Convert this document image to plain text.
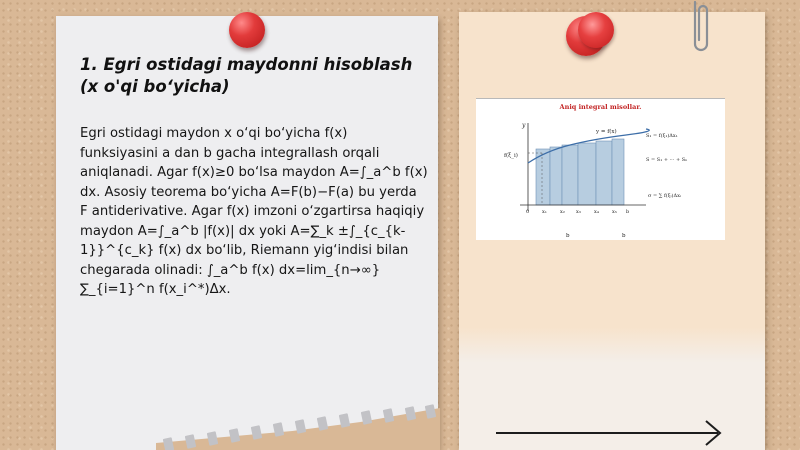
1. Egri ostidagi maydonni hisoblash (x o'qi bo‘yicha)
Egri ostidagi maydon x o‘qi bo‘yicha f(x) funksiyasini a dan b gacha integrallash orqali aniqlanadi. Agar f(x)≥0 bo‘lsa maydon A=∫_a^b f(x) dx. Asosiy teorema bo‘yicha A=F(b)−F(a) bu yerda F antiderivative. Agar f(x) imzoni o‘zgartirsa haqiqiy maydon A=∫_a^b |f(x)| dx yoki A=∑_k ±∫_{c_{k-1}}^{c_k} f(x) dx bo‘lib, Riemann yig‘indisi bilan chegarada olinadi: ∫_a^b f(x) dx=lim_{n→∞} ∑_{i=1}^n f(x_i^*)Δx.
Aniq integral misollar.
y
f(ξ_i)
y = f(x)
S₁ = f(ξ₁)Δx₁
S = S₁ + ··· + Sₙ
σ = ∑ f(ξᵢ)Δxᵢ
0	x₁	x₂ x₃	x₄	x₅ b
b	b
